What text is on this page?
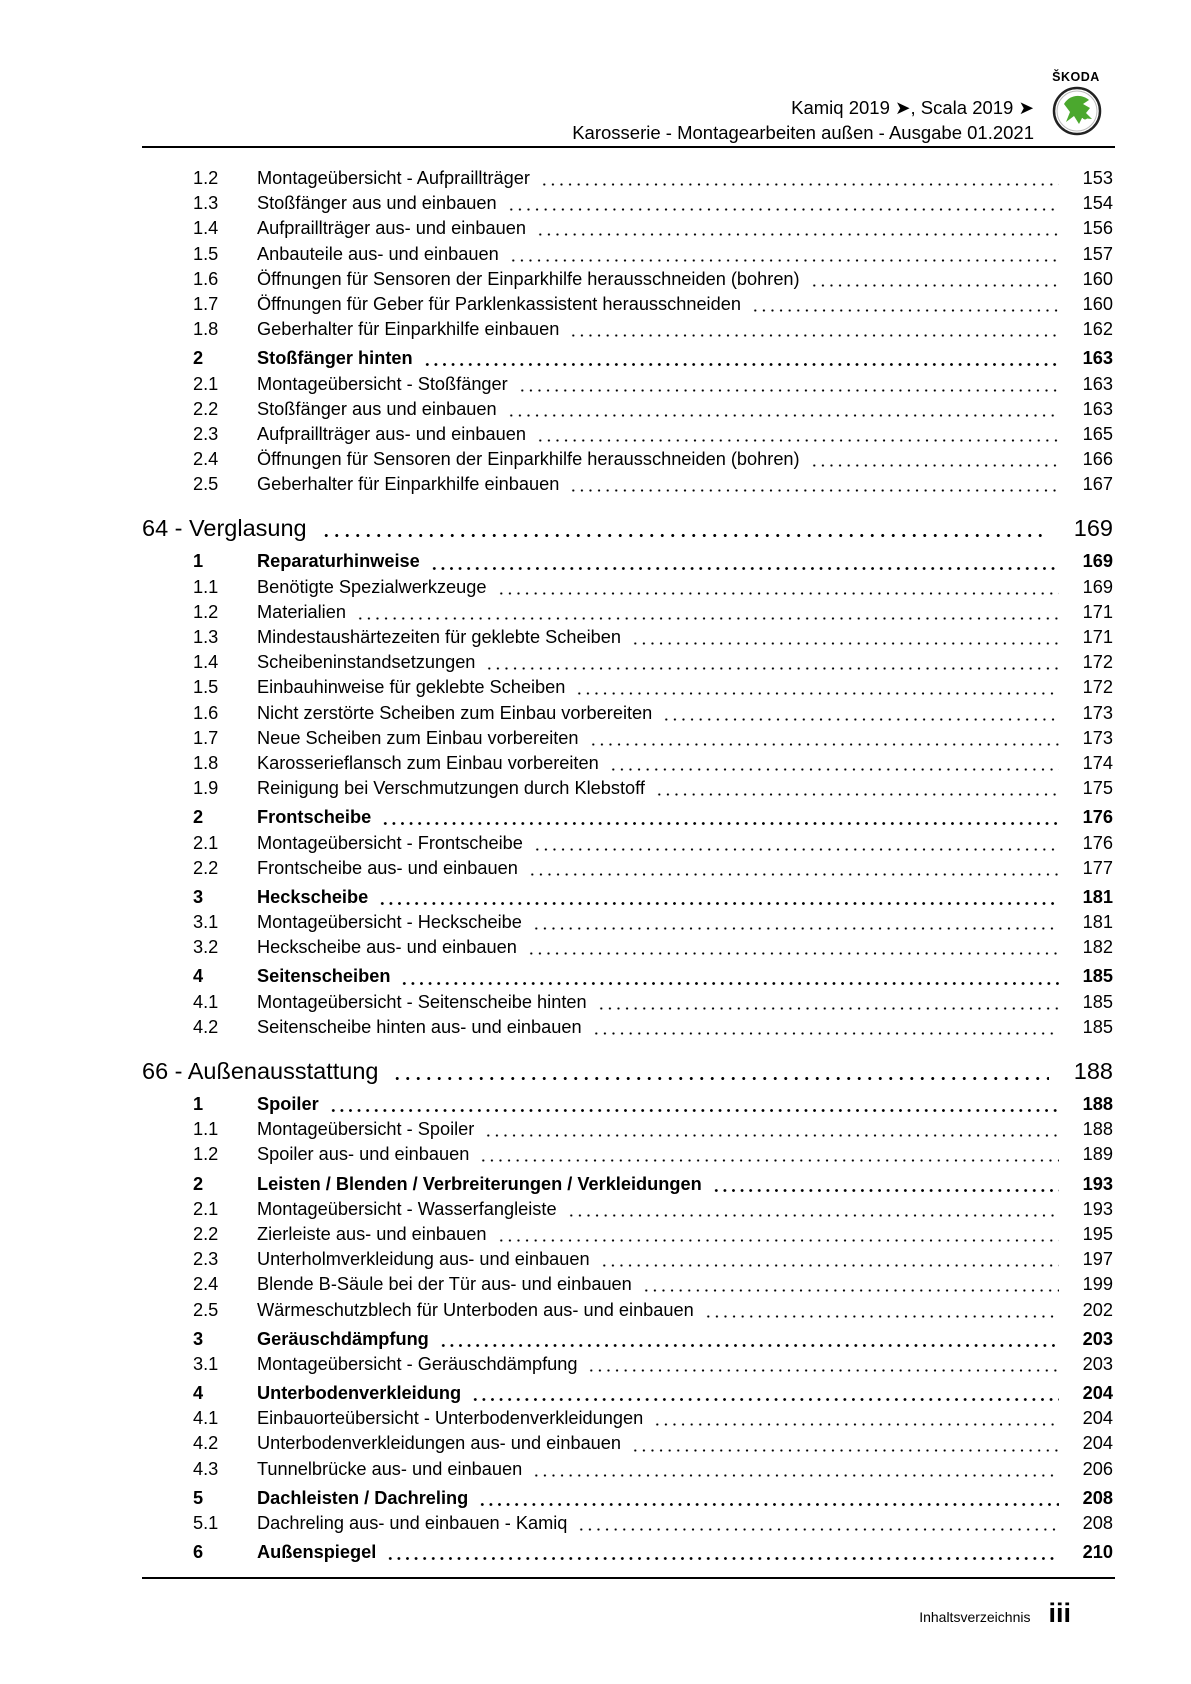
ŠKODA
Kamiq 2019 ➤, Scala 2019 ➤
Karosserie - Montagearbeiten außen - Ausgabe 01.2021
1.2	Montageübersicht - Aufpraillträger	153
1.3	Stoßfänger aus und einbauen	154
1.4	Aufpraillträger aus- und einbauen	156
1.5	Anbauteile aus- und einbauen	157
1.6	Öffnungen für Sensoren der Einparkhilfe herausschneiden (bohren)	160
1.7	Öffnungen für Geber für Parklenkassistent herausschneiden	160
1.8	Geberhalter für Einparkhilfe einbauen	162
2	Stoßfänger hinten	163
2.1	Montageübersicht - Stoßfänger	163
2.2	Stoßfänger aus und einbauen	163
2.3	Aufpraillträger aus- und einbauen	165
2.4	Öffnungen für Sensoren der Einparkhilfe herausschneiden (bohren)	166
2.5	Geberhalter für Einparkhilfe einbauen	167
64 - Verglasung	169
1	Reparaturhinweise	169
1.1	Benötigte Spezialwerkzeuge	169
1.2	Materialien	171
1.3	Mindestaushärtezeiten für geklebte Scheiben	171
1.4	Scheibeninstandsetzungen	172
1.5	Einbauhinweise für geklebte Scheiben	172
1.6	Nicht zerstörte Scheiben zum Einbau vorbereiten	173
1.7	Neue Scheiben zum Einbau vorbereiten	173
1.8	Karosserieflansch zum Einbau vorbereiten	174
1.9	Reinigung bei Verschmutzungen durch Klebstoff	175
2	Frontscheibe	176
2.1	Montageübersicht - Frontscheibe	176
2.2	Frontscheibe aus- und einbauen	177
3	Heckscheibe	181
3.1	Montageübersicht - Heckscheibe	181
3.2	Heckscheibe aus- und einbauen	182
4	Seitenscheiben	185
4.1	Montageübersicht - Seitenscheibe hinten	185
4.2	Seitenscheibe hinten aus- und einbauen	185
66 - Außenausstattung	188
1	Spoiler	188
1.1	Montageübersicht - Spoiler	188
1.2	Spoiler aus- und einbauen	189
2	Leisten / Blenden / Verbreiterungen / Verkleidungen	193
2.1	Montageübersicht - Wasserfangleiste	193
2.2	Zierleiste aus- und einbauen	195
2.3	Unterholmverkleidung aus- und einbauen	197
2.4	Blende B-Säule bei der Tür aus- und einbauen	199
2.5	Wärmeschutzblech für Unterboden aus- und einbauen	202
3	Geräuschdämpfung	203
3.1	Montageübersicht - Geräuschdämpfung	203
4	Unterbodenverkleidung	204
4.1	Einbauorteübersicht - Unterbodenverkleidungen	204
4.2	Unterbodenverkleidungen aus- und einbauen	204
4.3	Tunnelbrücke aus- und einbauen	206
5	Dachleisten / Dachreling	208
5.1	Dachreling aus- und einbauen - Kamiq	208
6	Außenspiegel	210
Inhaltsverzeichnis iii
